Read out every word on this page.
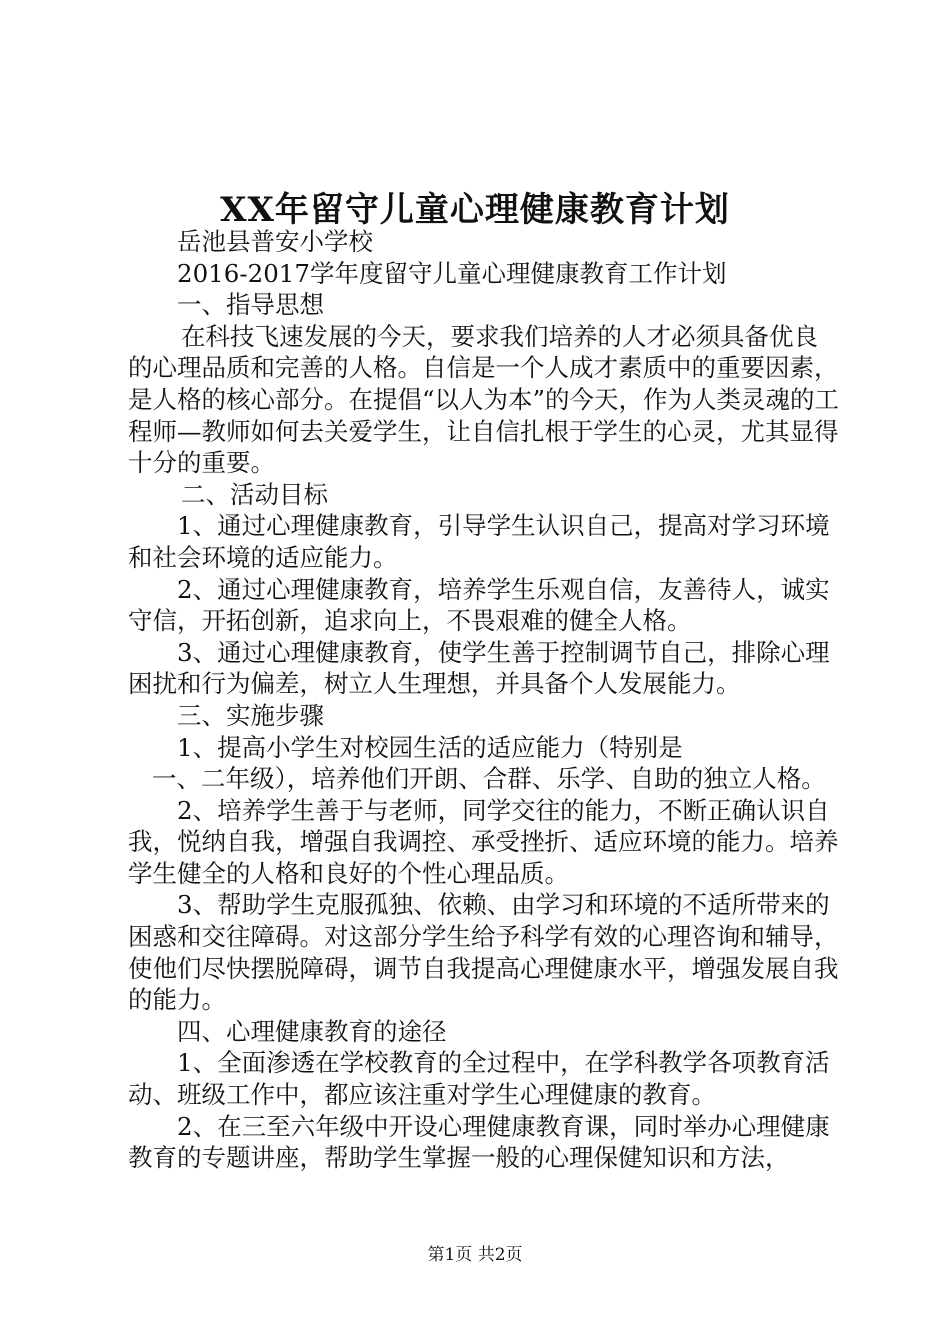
XX年留守儿童心理健康教育计划

岳池县普安小学校

2016-2017学年度留守儿童心理健康教育工作计划

一、指导思想

在科技飞速发展的今天，要求我们培养的人才必须具备优良的心理品质和完善的人格。自信是一个人成才素质中的重要因素，是人格的核心部分。在提倡“以人为本”的今天，作为人类灵魂的工程师—教师如何去关爱学生，让自信扎根于学生的心灵，尤其显得十分的重要。

二、活动目标

1、通过心理健康教育，引导学生认识自己，提高对学习环境和社会环境的适应能力。

2、通过心理健康教育，培养学生乐观自信，友善待人，诚实守信，开拓创新，追求向上，不畏艰难的健全人格。

3、通过心理健康教育，使学生善于控制调节自己，排除心理困扰和行为偏差，树立人生理想，并具备个人发展能力。

三、实施步骤

1、提高小学生对校园生活的适应能力（特别是

一、二年级），培养他们开朗、合群、乐学、自助的独立人格。

2、培养学生善于与老师，同学交往的能力，不断正确认识自我，悦纳自我，增强自我调控、承受挫折、适应环境的能力。培养学生健全的人格和良好的个性心理品质。

3、帮助学生克服孤独、依赖、由学习和环境的不适所带来的困惑和交往障碍。对这部分学生给予科学有效的心理咨询和辅导，使他们尽快摆脱障碍，调节自我提高心理健康水平，增强发展自我的能力。

四、心理健康教育的途径

1、全面渗透在学校教育的全过程中，在学科教学各项教育活动、班级工作中，都应该注重对学生心理健康的教育。

2、在三至六年级中开设心理健康教育课，同时举办心理健康教育的专题讲座，帮助学生掌握一般的心理保健知识和方法，

第1页 共2页
